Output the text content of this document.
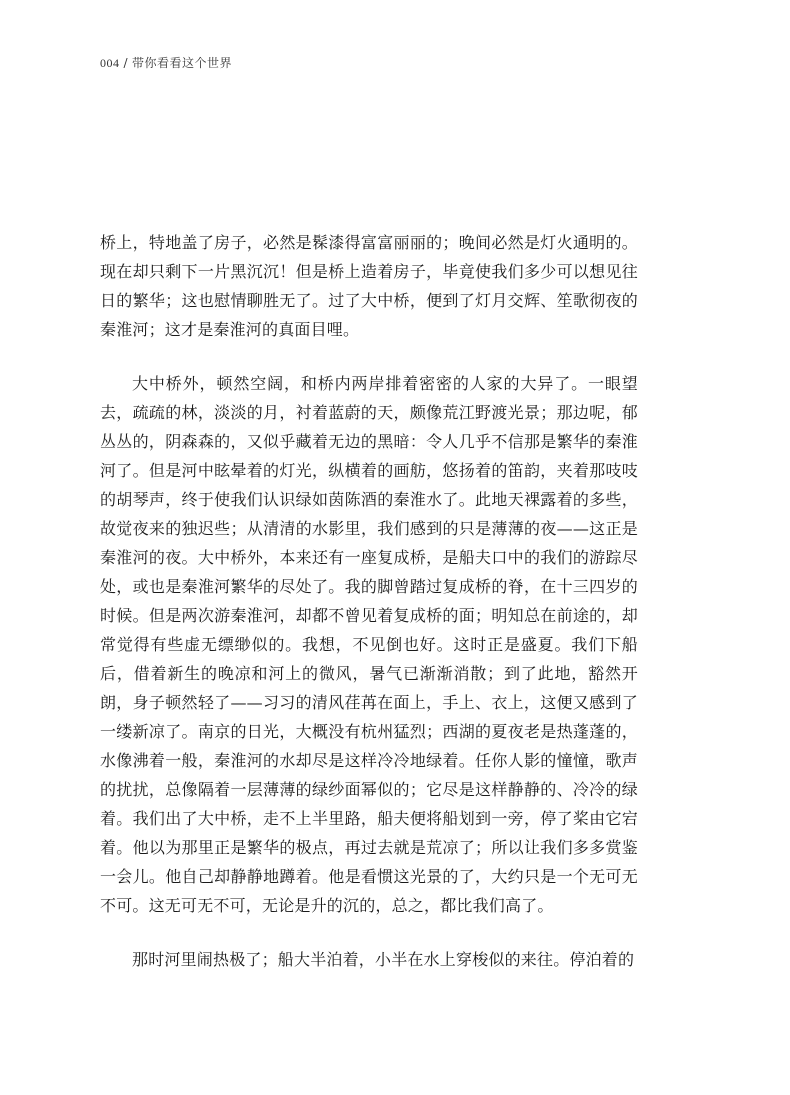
004 / 带你看看这个世界

桥上，特地盖了房子，必然是髹漆得富富丽丽的；晚间必然是灯火通明的。现在却只剩下一片黑沉沉！但是桥上造着房子，毕竟使我们多少可以想见往日的繁华；这也慰情聊胜无了。过了大中桥，便到了灯月交辉、笙歌彻夜的秦淮河；这才是秦淮河的真面目哩。

大中桥外，顿然空阔，和桥内两岸排着密密的人家的大异了。一眼望去，疏疏的林，淡淡的月，衬着蓝蔚的天，颇像荒江野渡光景；那边呢，郁丛丛的，阴森森的，又似乎藏着无边的黑暗：令人几乎不信那是繁华的秦淮河了。但是河中眩晕着的灯光，纵横着的画舫，悠扬着的笛韵，夹着那吱吱的胡琴声，终于使我们认识绿如茵陈酒的秦淮水了。此地天裸露着的多些，故觉夜来的独迟些；从清清的水影里，我们感到的只是薄薄的夜——这正是秦淮河的夜。大中桥外，本来还有一座复成桥，是船夫口中的我们的游踪尽处，或也是秦淮河繁华的尽处了。我的脚曾踏过复成桥的脊，在十三四岁的时候。但是两次游秦淮河，却都不曾见着复成桥的面；明知总在前途的，却常觉得有些虚无缥缈似的。我想，不见倒也好。这时正是盛夏。我们下船后，借着新生的晚凉和河上的微风，暑气已渐渐消散；到了此地，豁然开朗，身子顿然轻了——习习的清风荏苒在面上，手上、衣上，这便又感到了一缕新凉了。南京的日光，大概没有杭州猛烈；西湖的夏夜老是热蓬蓬的，水像沸着一般，秦淮河的水却尽是这样冷冷地绿着。任你人影的憧憧，歌声的扰扰，总像隔着一层薄薄的绿纱面幂似的；它尽是这样静静的、冷冷的绿着。我们出了大中桥，走不上半里路，船夫便将船划到一旁，停了桨由它宕着。他以为那里正是繁华的极点，再过去就是荒凉了；所以让我们多多赏鉴一会儿。他自己却静静地蹲着。他是看惯这光景的了，大约只是一个无可无不可。这无可无不可，无论是升的沉的，总之，都比我们高了。

那时河里闹热极了；船大半泊着，小半在水上穿梭似的来往。停泊着的
